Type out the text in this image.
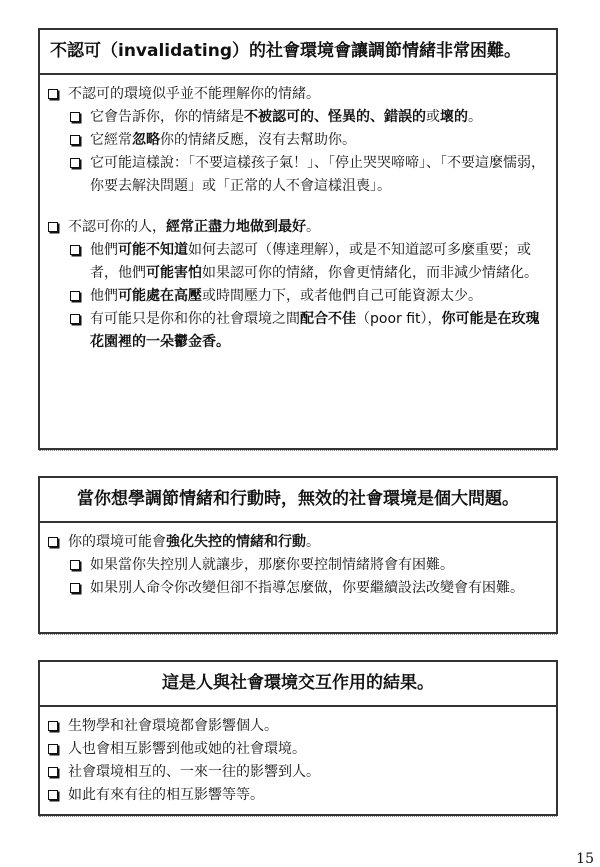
不認可（invalidating）的社會環境會讓調節情緒非常困難。
不認可的環境似乎並不能理解你的情緒。
它會告訴你，你的情緒是不被認可的、怪異的、錯誤的或壞的。
它經常忽略你的情緒反應，沒有去幫助你。
它可能這樣說：「不要這樣孩子氣！」、「停止哭哭啼啼」、「不要這麼懦弱，你要去解決問題」或「正常的人不會這樣沮喪」。
不認可你的人，經常正盡力地做到最好。
他們可能不知道如何去認可（傳達理解），或是不知道認可多麼重要；或者，他們可能害怕如果認可你的情緒，你會更情緒化，而非減少情緒化。
他們可能處在高壓或時間壓力下，或者他們自己可能資源太少。
有可能只是你和你的社會環境之間配合不佳（poor fit），你可能是在玫瑰花園裡的一朵鬱金香。
當你想學調節情緒和行動時，無效的社會環境是個大問題。
你的環境可能會強化失控的情緒和行動。
如果當你失控別人就讓步，那麼你要控制情緒將會有困難。
如果別人命令你改變但卻不指導怎麼做，你要繼續設法改變會有困難。
這是人與社會環境交互作用的結果。
生物學和社會環境都會影響個人。
人也會相互影響到他或她的社會環境。
社會環境相互的、一來一往的影響到人。
如此有來有往的相互影響等等。
15
